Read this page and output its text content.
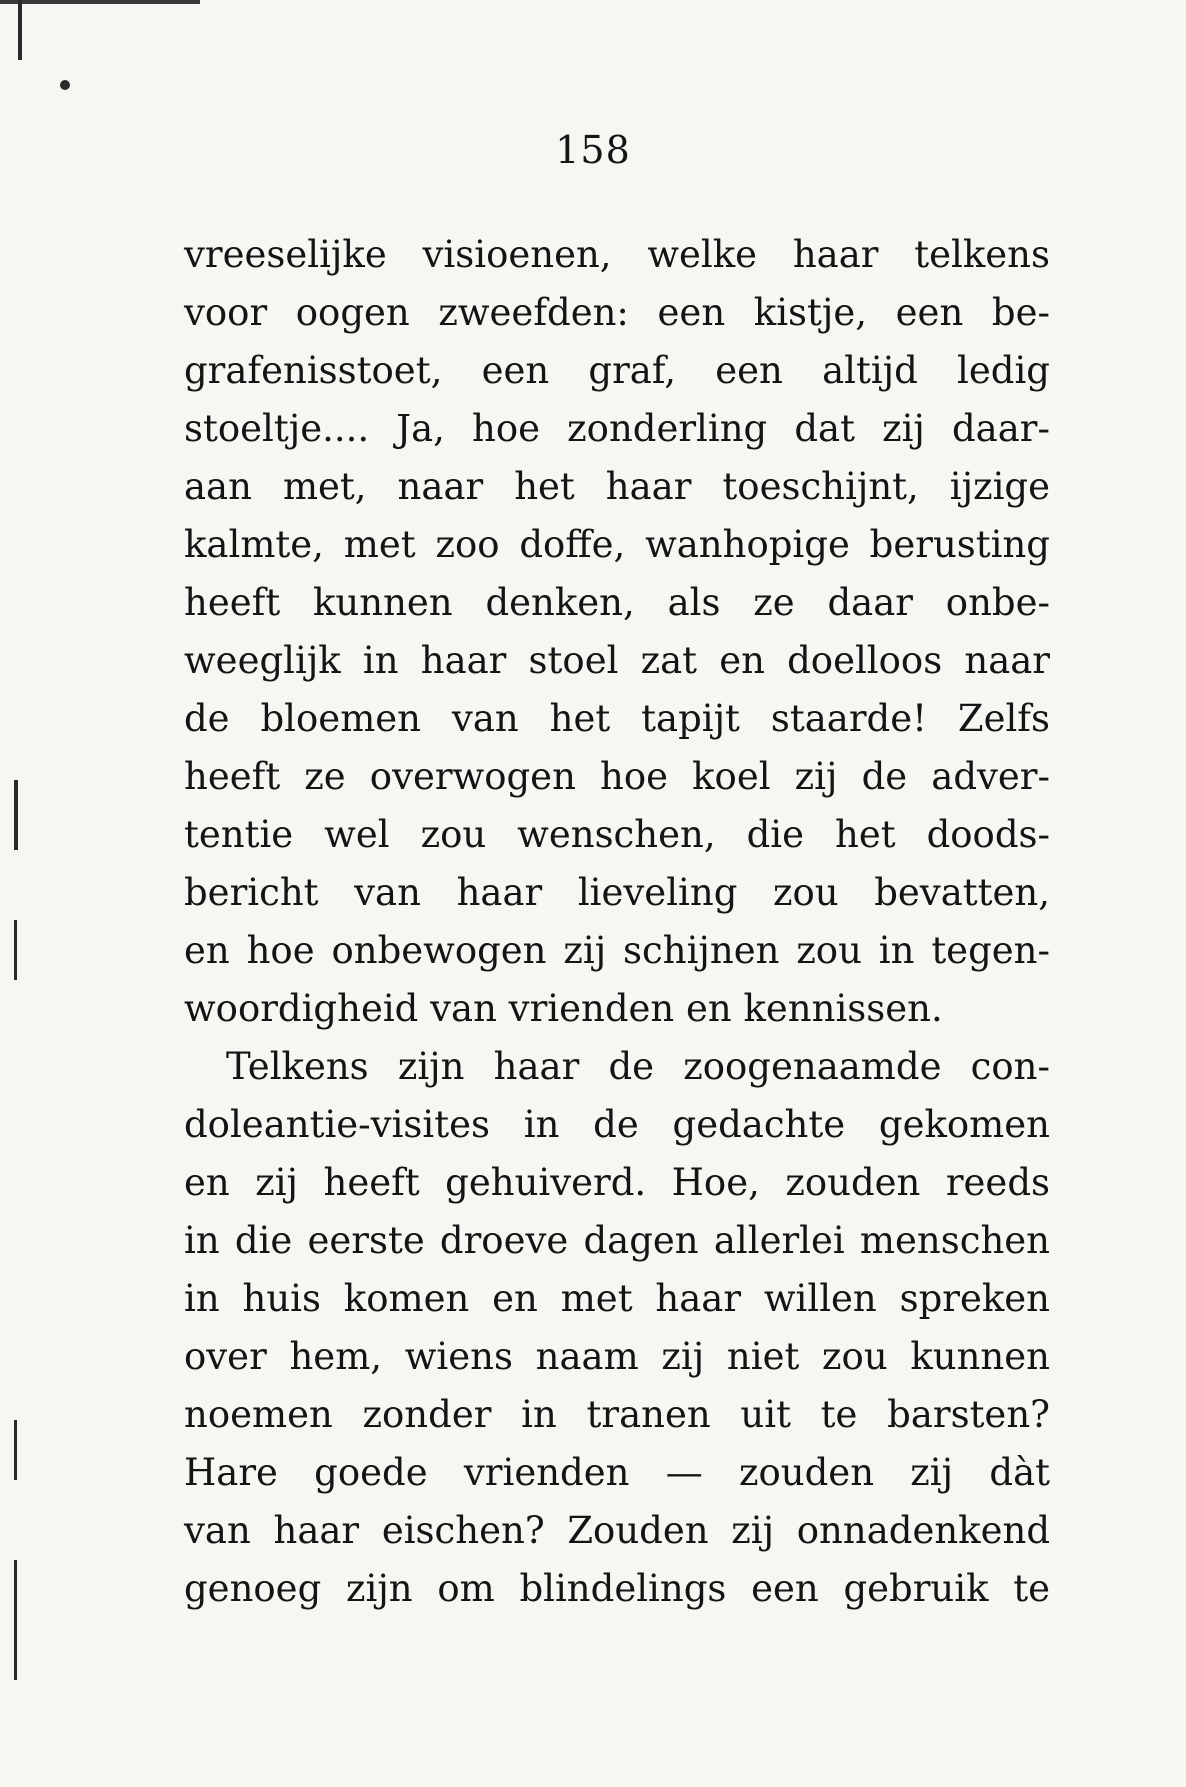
158
vreeselijke visioenen, welke haar telkens
voor oogen zweefden: een kistje, een be-
grafenisstoet, een graf, een altijd ledig
stoeltje.... Ja, hoe zonderling dat zij daar-
aan met, naar het haar toeschijnt, ijzige
kalmte, met zoo doffe, wanhopige berusting
heeft kunnen denken, als ze daar onbe-
weeglijk in haar stoel zat en doelloos naar
de bloemen van het tapijt staarde! Zelfs
heeft ze overwogen hoe koel zij de adver-
tentie wel zou wenschen, die het doods-
bericht van haar lieveling zou bevatten,
en hoe onbewogen zij schijnen zou in tegen-
woordigheid van vrienden en kennissen.
Telkens zijn haar de zoogenaamde con-
doleantie-visites in de gedachte gekomen
en zij heeft gehuiverd. Hoe, zouden reeds
in die eerste droeve dagen allerlei menschen
in huis komen en met haar willen spreken
over hem, wiens naam zij niet zou kunnen
noemen zonder in tranen uit te barsten?
Hare goede vrienden — zouden zij dàt
van haar eischen? Zouden zij onnadenkend
genoeg zijn om blindelings een gebruik te
